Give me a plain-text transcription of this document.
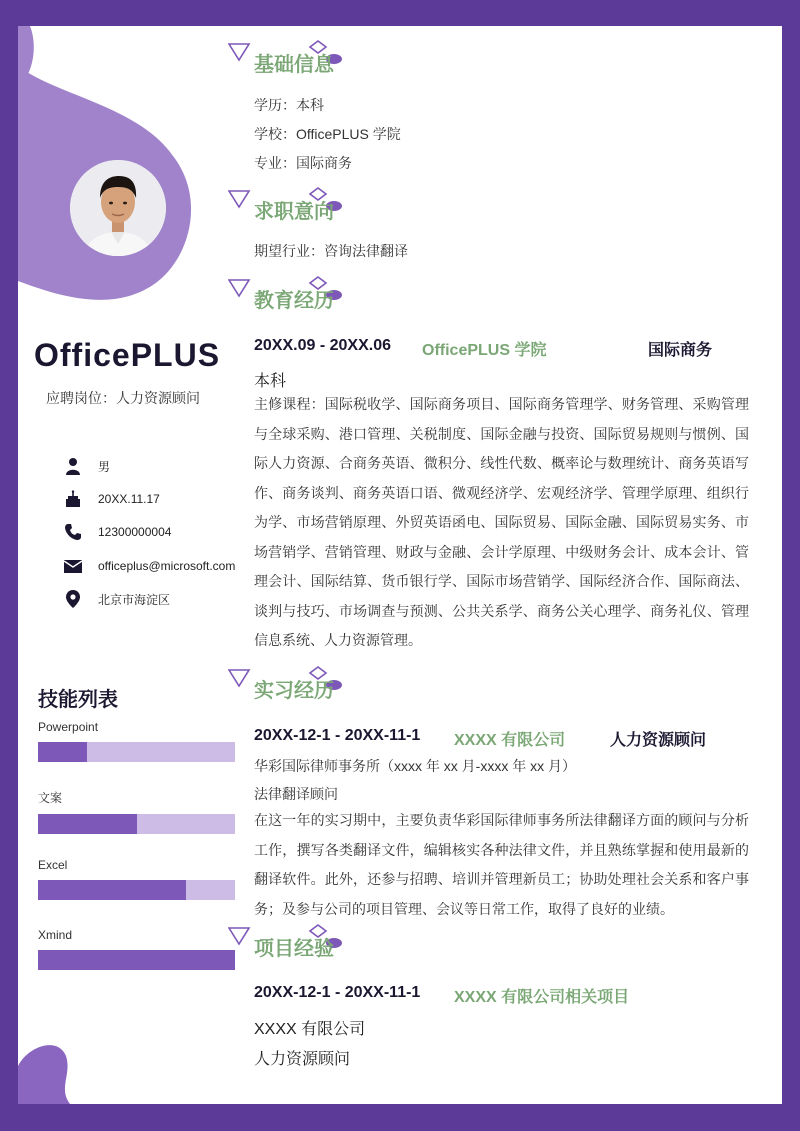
OfficePLUS
应聘岗位：人力资源顾问
男
20XX.11.17
12300000004
officeplus@microsoft.com
北京市海淀区
技能列表
Powerpoint
文案
Excel
Xmind
基础信息
学历：本科
学校：OfficePLUS 学院
专业：国际商务
求职意向
期望行业：咨询法律翻译
教育经历
20XX.09 - 20XX.06 OfficePLUS 学院	国际商务
本科
主修课程：国际税收学、国际商务项目、国际商务管理学、财务管理、采购管理与全球采购、港口管理、关税制度、国际金融与投资、国际贸易规则与惯例、国际人力资源、合商务英语、微积分、线性代数、概率论与数理统计、商务英语写作、商务谈判、商务英语口语、微观经济学、宏观经济学、管理学原理、组织行为学、市场营销原理、外贸英语函电、国际贸易、国际金融、国际贸易实务、市场营销学、营销管理、财政与金融、会计学原理、中级财务会计、成本会计、管理会计、国际结算、货币银行学、国际市场营销学、国际经济合作、国际商法、谈判与技巧、市场调查与预测、公共关系学、商务公关心理学、商务礼仪、管理信息系统、人力资源管理。
实习经历
20XX-12-1 - 20XX-11-1 XXXX 有限公司	人力资源顾问
华彩国际律师事务所（xxxx 年 xx 月-xxxx 年 xx 月）
法律翻译顾问
在这一年的实习期中，主要负责华彩国际律师事务所法律翻译方面的顾问与分析工作，撰写各类翻译文件，编辑核实各种法律文件，并且熟练掌握和使用最新的翻译软件。此外，还参与招聘、培训并管理新员工；协助处理社会关系和客户事务；及参与公司的项目管理、会议等日常工作，取得了良好的业绩。
项目经验
20XX-12-1 - 20XX-11-1 XXXX 有限公司相关项目
XXXX 有限公司
人力资源顾问
